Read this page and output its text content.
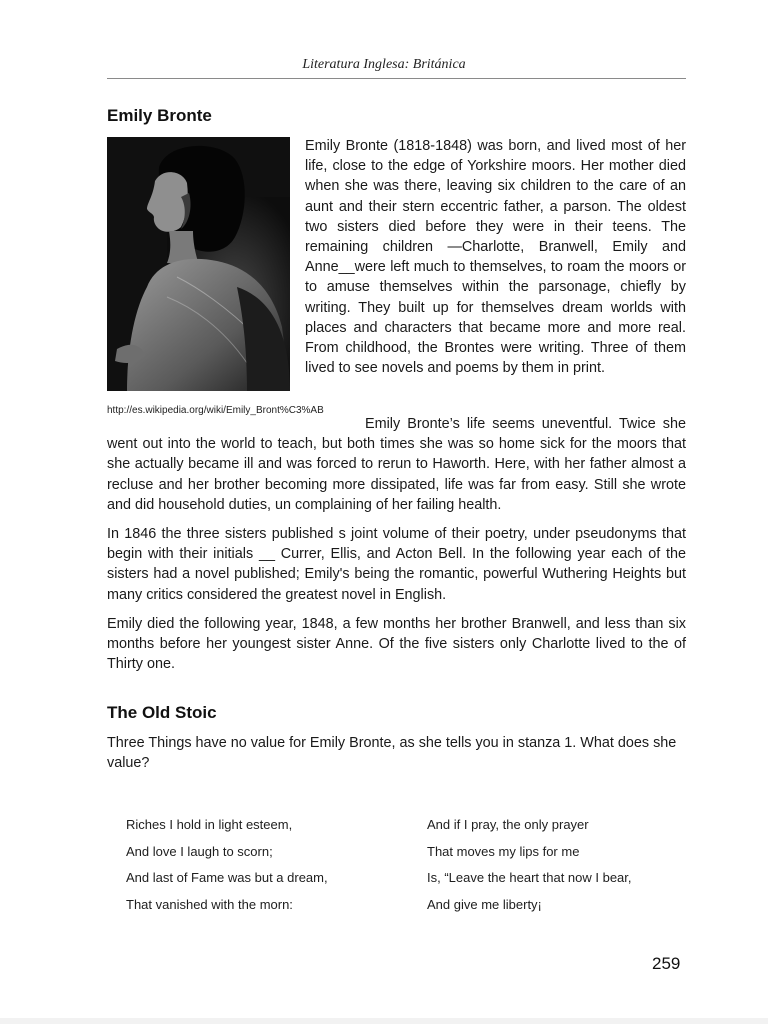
Literatura Inglesa: Británica
Emily Bronte
http://es.wikipedia.org/wiki/Emily_Bront%C3%AB

Emily Bronte (1818-1848) was born, and lived most of her life, close to the edge of Yorkshire moors. Her mother died when she was there, leaving six children to the care of an aunt and their stern eccentric father, a parson. The oldest two sisters died before they were in their teens. The remaining children —Charlotte, Branwell, Emily and Anne__were left much to themselves, to roam the moors or to amuse themselves within the parsonage, chiefly by writing. They built up for themselves dream worlds with places and characters that became more and more real. From childhood, the Brontes were writing. Three of them lived to see novels and poems by them in print.

Emily Bronte’s life seems uneventful. Twice she went out into the world to teach, but both times she was so home sick for the moors that she actually became ill and was forced to rerun to Haworth. Here, with her father almost a recluse and her brother becoming more dissipated, life was far from easy. Still she wrote and did household duties, un complaining of her failing health.

In 1846 the three sisters published s joint volume of their poetry, under pseudonyms that begin with their initials __ Currer, Ellis, and Acton Bell. In the following year each of the sisters had a novel published; Emily's being the romantic, powerful Wuthering Heights but many critics considered the greatest novel in English.

Emily died the following year, 1848, a few months her brother Branwell, and less than six months before her youngest sister Anne. Of the five sisters only Charlotte lived to the of Thirty one.

The Old Stoic

Three Things have no value for Emily Bronte, as she tells you in stanza 1. What does she value?

Riches I hold in light esteem,
And love I laugh to scorn;
And last of Fame was but a dream,
That vanished with the morn:
And if I pray, the only prayer
That moves my lips for me
Is, “Leave the heart that now I bear,
And give me liberty¡
259
